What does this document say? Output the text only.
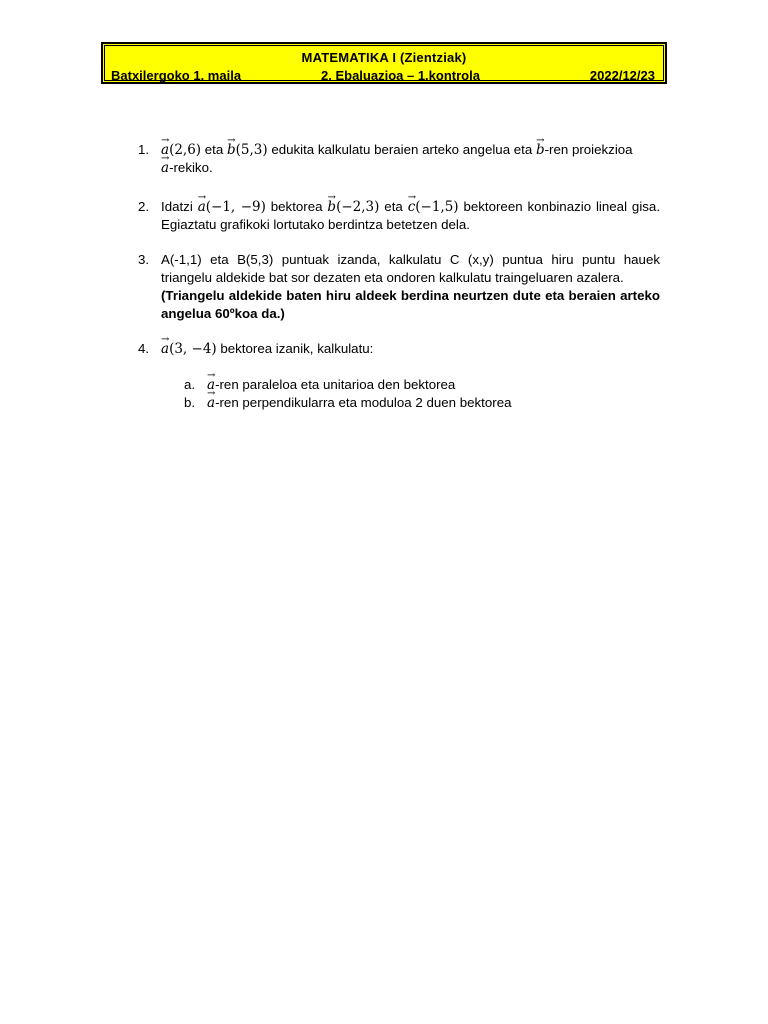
MATEMATIKA I (Zientziak)
Batxilergoko 1. maila	2. Ebaluazioa – 1.kontrola	2022/12/23
1. → a(2,6) eta → b(5,3) edukita kalkulatu beraien arteko angelua eta → b-ren proiekzioa
→ a-rekiko.
2. Idatzi → a(−1, −9) bektorea → b(−2,3) eta → c(−1,5) bektoreen konbinazio lineal gisa. Egiaztatu grafikoki lortutako berdintza betetzen dela.
3. A(-1,1) eta B(5,3) puntuak izanda, kalkulatu C (x,y) puntua hiru puntu hauek triangelu aldekide bat sor dezaten eta ondoren kalkulatu traingeluaren azalera.
(Triangelu aldekide baten hiru aldeek berdina neurtzen dute eta beraien arteko angelua 60ºkoa da.)
4. → a(3, −4) bektorea izanik, kalkulatu:
a. → a-ren paraleloa eta unitarioa den bektorea
b. → a-ren perpendikularra eta moduloa 2 duen bektorea
